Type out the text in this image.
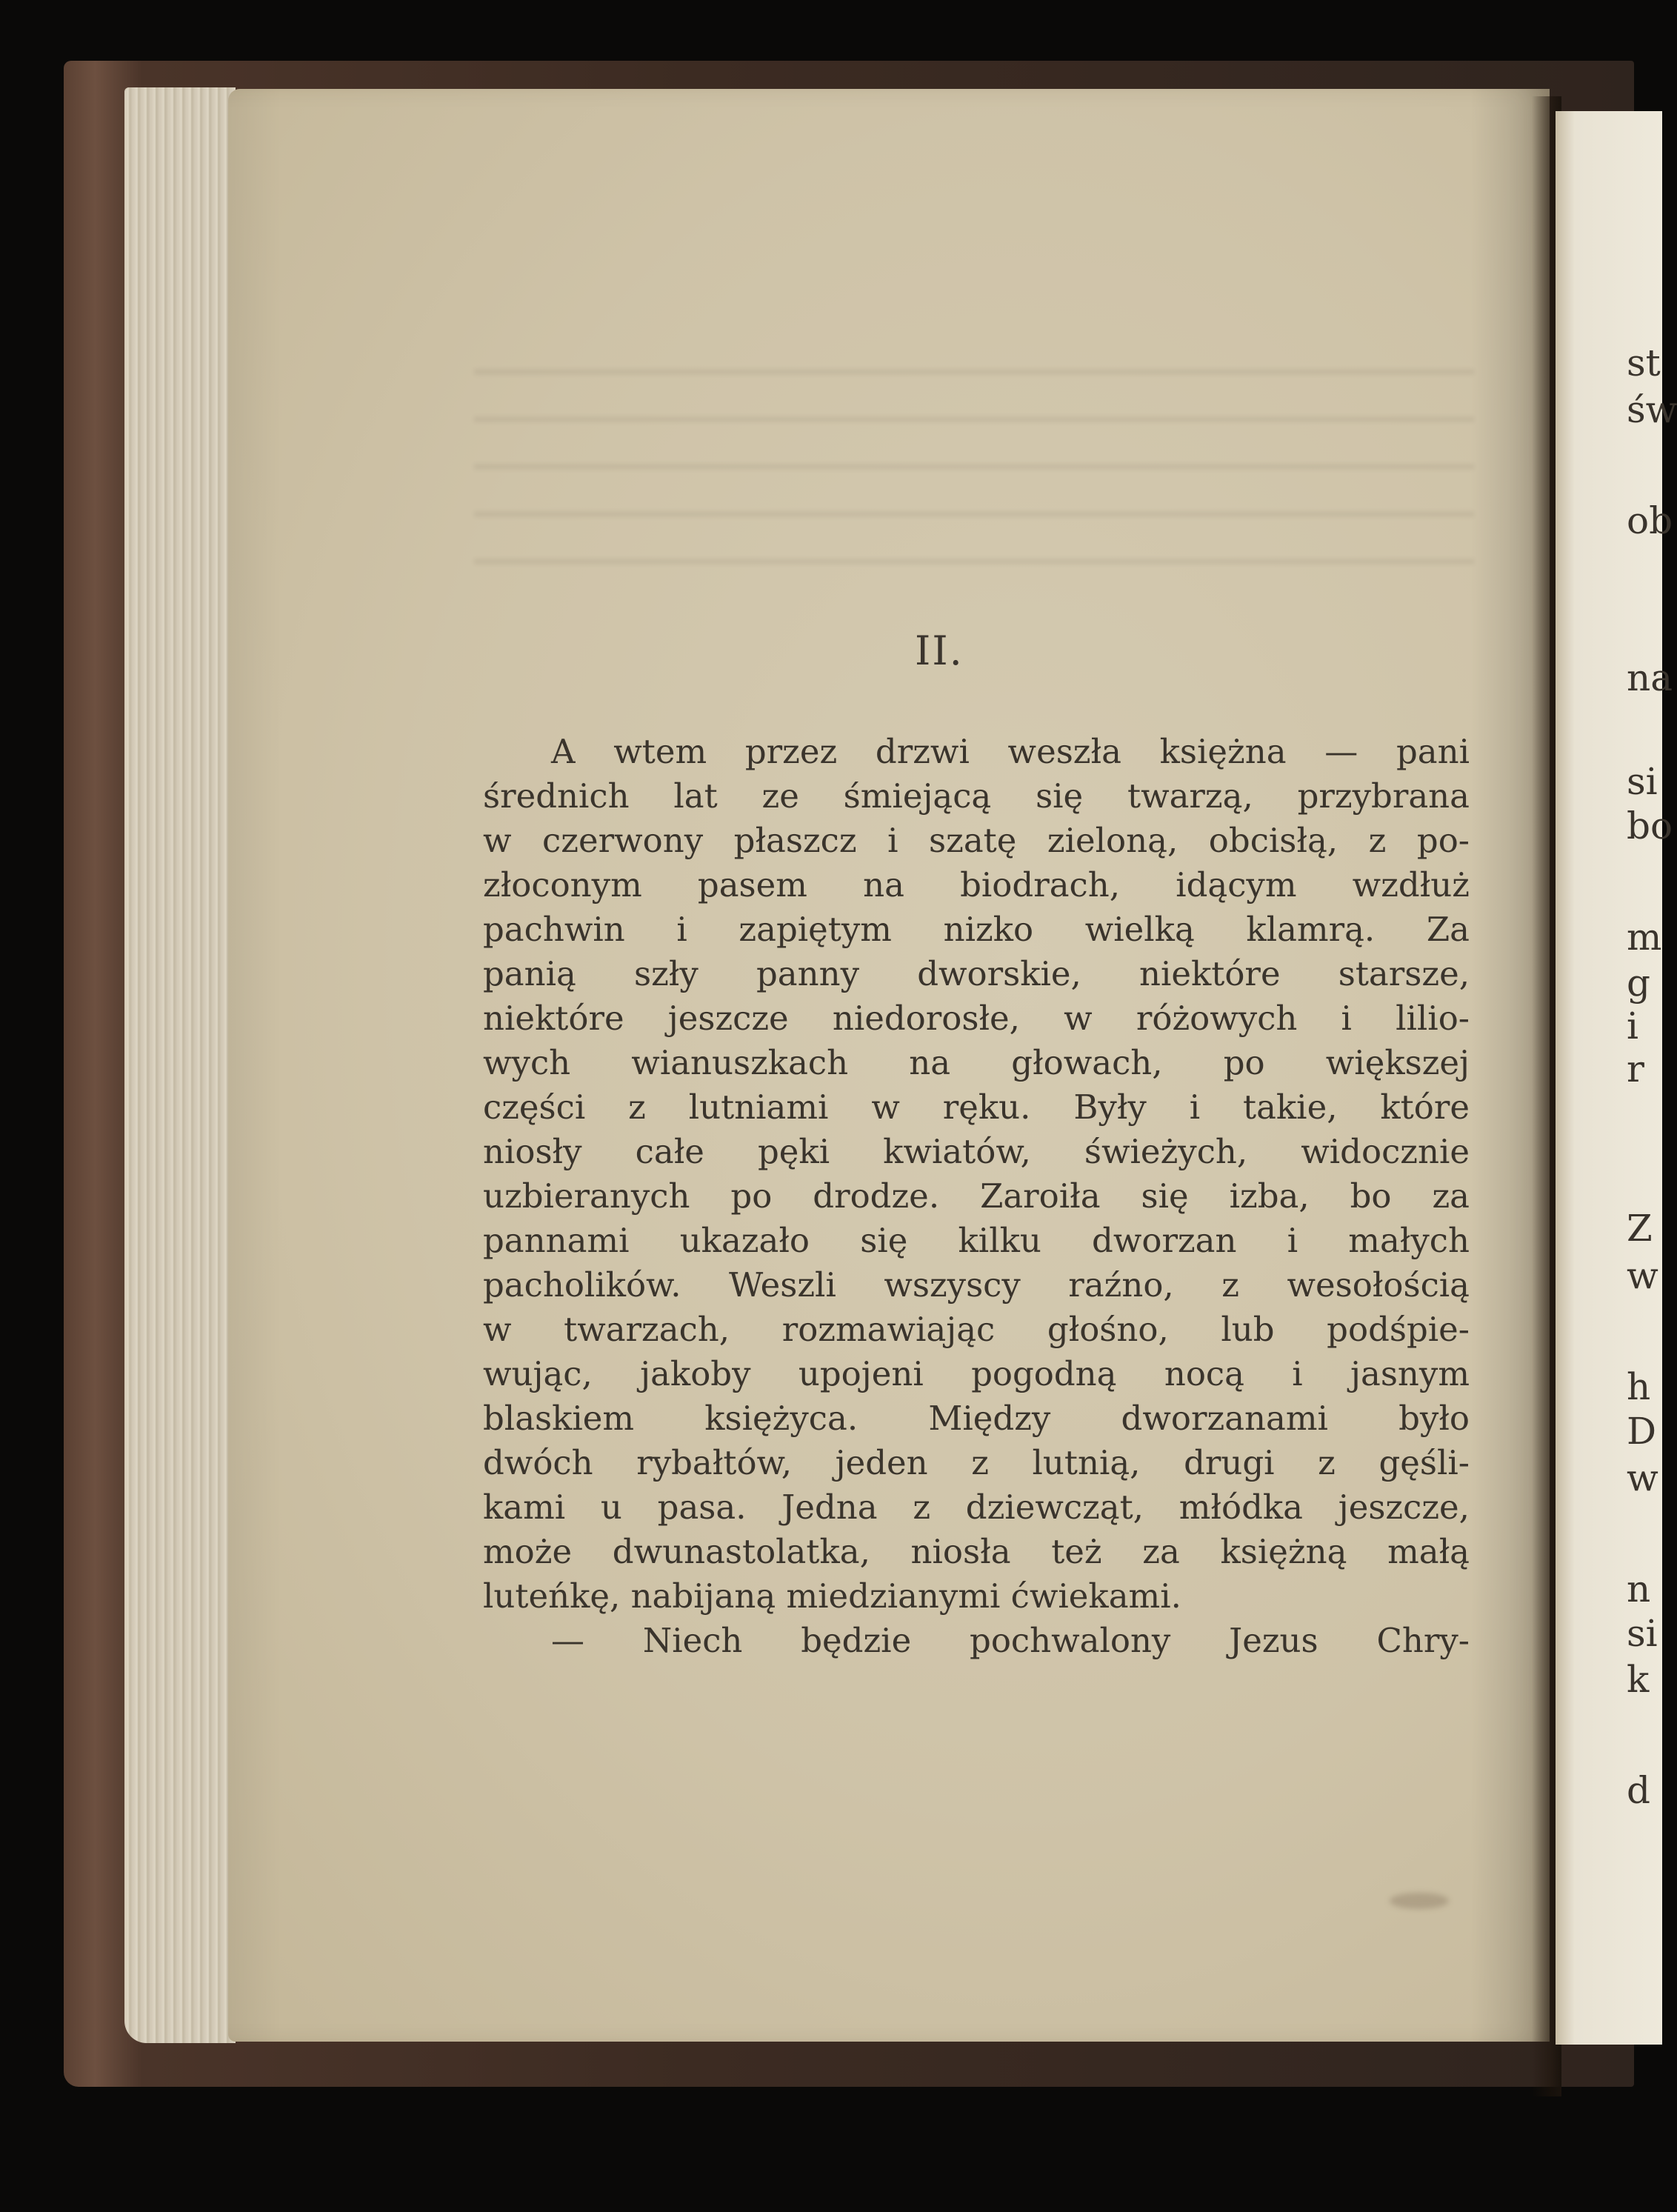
II.
A wtem przez drzwi weszła księżna — pani
średnich lat ze śmiejącą się twarzą, przybrana
w czerwony płaszcz i szatę zieloną, obcisłą, z po-
złoconym pasem na biodrach, idącym wzdłuż
pachwin i zapiętym nizko wielką klamrą. Za
panią szły panny dworskie, niektóre starsze,
niektóre jeszcze niedorosłe, w różowych i lilio-
wych wianuszkach na głowach, po większej
części z lutniami w ręku. Były i takie, które
niosły całe pęki kwiatów, świeżych, widocznie
uzbieranych po drodze. Zaroiła się izba, bo za
pannami ukazało się kilku dworzan i małych
pacholików. Weszli wszyscy raźno, z wesołością
w twarzach, rozmawiając głośno, lub podśpie-
wując, jakoby upojeni pogodną nocą i jasnym
blaskiem księżyca. Między dworzanami było
dwóch rybałtów, jeden z lutnią, drugi z gęśli-
kami u pasa. Jedna z dziewcząt, młódka jeszcze,
może dwunastolatka, niosła też za księżną małą
luteńkę, nabijaną miedzianymi ćwiekami.
— Niech będzie pochwalony Jezus Chry-
st
św
ob
na
si
bo
m
g
i
r
Z
w
h
D
w
n
si
k
d
